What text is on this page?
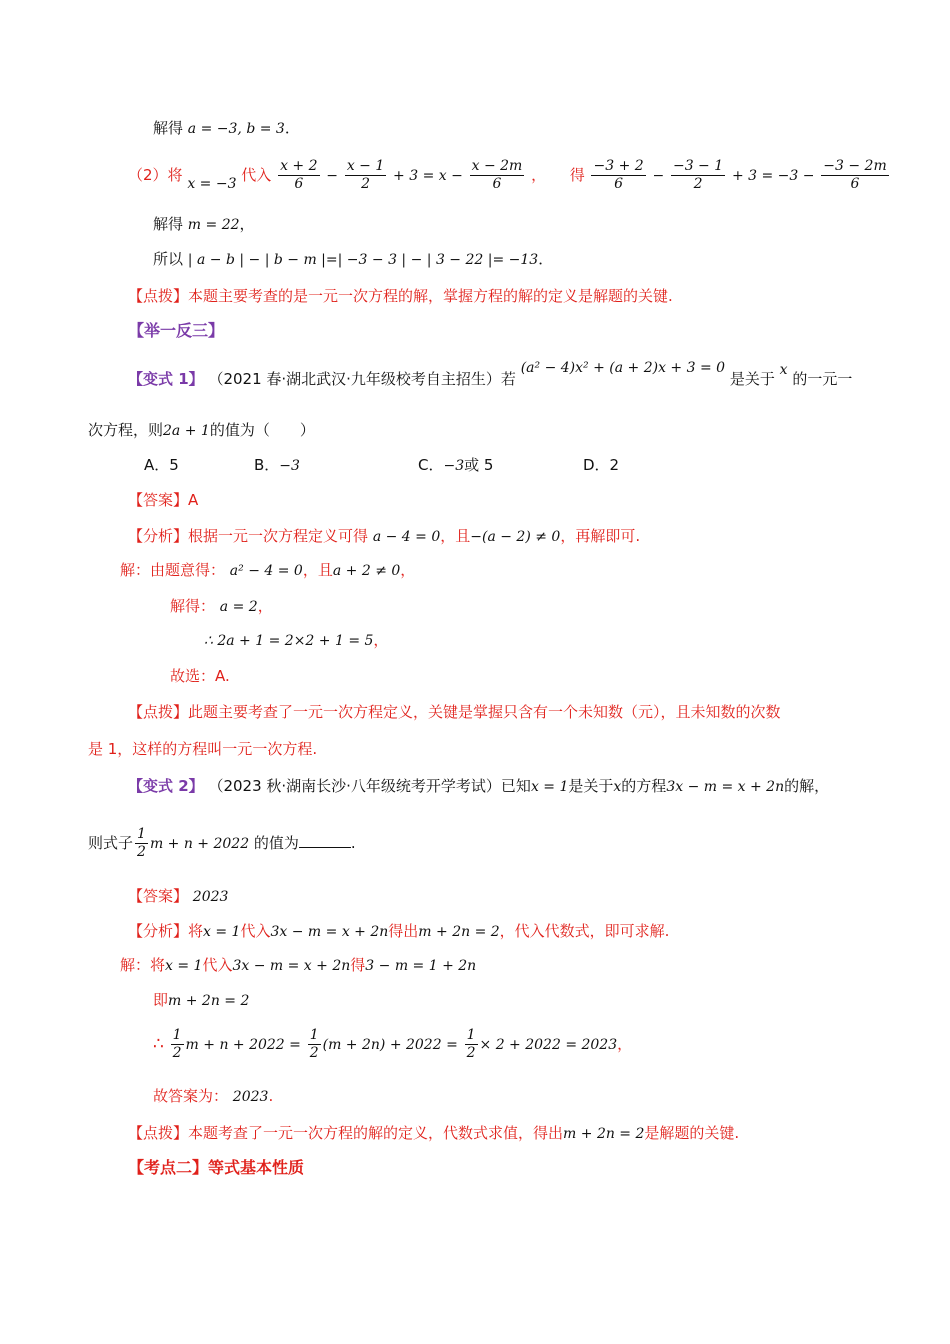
解得 a = −3, b = 3．
（2）将 x = −3 代入 $\frac{x + 2}{6} - \frac{x - 1}{2} + 3 = x - \frac{x - 2m}{6}$ ， 得 $\frac{-3 + 2}{6} - \frac{-3 - 1}{2} + 3 = -3 - \frac{-3 - 2m}{6}$
解得 m = 22，
所以 | a − b | − | b − m |=| −3 − 3 | − | 3 − 22 |= −13．
【点拨】本题主要考查的是一元一次方程的解，掌握方程的解的定义是解题的关键.
【举一反三】
【变式 1】 （2021 春·湖北武汉·九年级校考自主招生）若 (a² − 4)x² + (a + 2)x + 3 = 0 是关于 x 的一元一
次方程，则2a + 1的值为（　　）
A．5	B．−3	C．−3或 5	D．2
【答案】A
【分析】根据一元一次方程定义可得 a − 4 = 0，且−(a − 2) ≠ 0，再解即可.
解：由题意得： a² − 4 = 0，且a + 2 ≠ 0，
解得： a = 2，
∴ 2a + 1 = 2×2 + 1 = 5，
故选：A.
【点拨】此题主要考查了一元一次方程定义，关键是掌握只含有一个未知数（元），且未知数的次数
是 1，这样的方程叫一元一次方程.
【变式 2】 （2023 秋·湖南长沙·八年级统考开学考试）已知x = 1是关于x的方程3x − m = x + 2n的解，
则式子 $\frac{1}{2}$ m + n + 2022 的值为	.
【答案】 2023
【分析】将x = 1代入3x − m = x + 2n得出m + 2n = 2，代入代数式，即可求解.
解：将x = 1代入3x − m = x + 2n得3 − m = 1 + 2n
即m + 2n = 2
∴ $\frac{1}{2}$ $m + n + 2022 = \frac{1}{2} (m + 2n) + 2022 = \frac{1}{2} \times 2 + 2022 = 2023$，
故答案为： 2023.
【点拨】本题考查了一元一次方程的解的定义，代数式求值，得出m + 2n = 2是解题的关键.
【考点二】等式基本性质
